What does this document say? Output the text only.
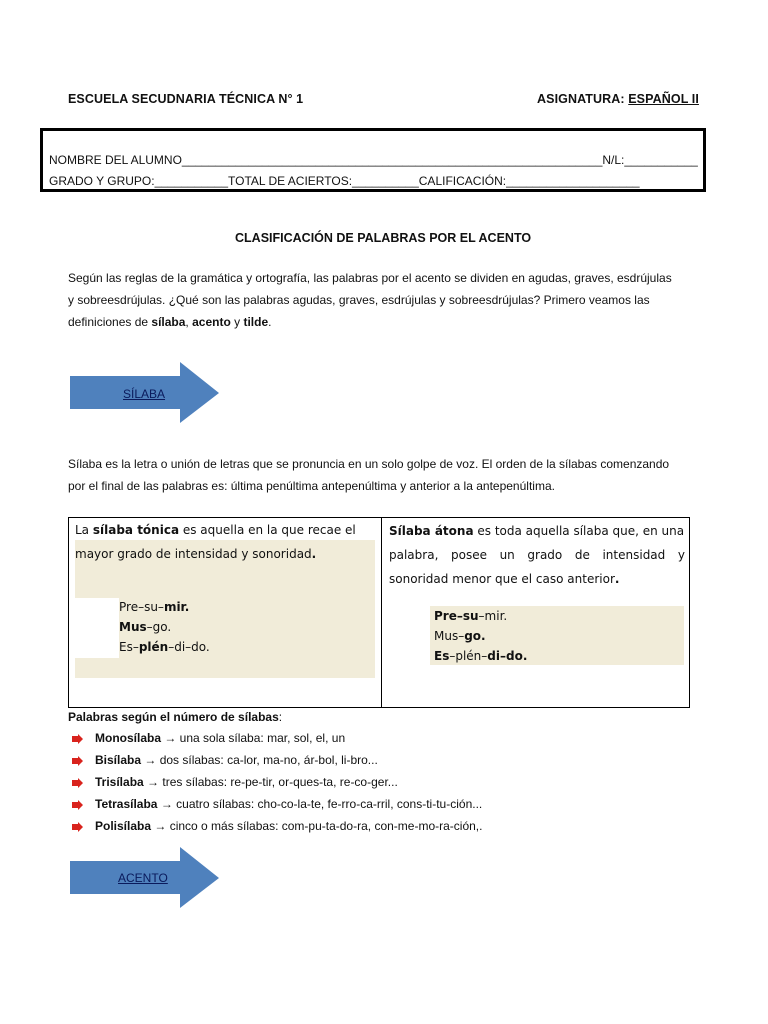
ESCUELA SECUDNARIA TÉCNICA N° 1	ASIGNATURA: ESPAÑOL II
NOMBRE DEL ALUMNO_______________________________________________________________N/L:___________
GRADO Y GRUPO:___________TOTAL DE ACIERTOS:__________CALIFICACIÓN:____________________
CLASIFICACIÓN DE PALABRAS POR EL ACENTO
Según las reglas de la gramática y ortografía, las palabras por el acento se dividen en agudas, graves, esdrújulas
y sobreesdrújulas. ¿Qué son las palabras agudas, graves, esdrújulas y sobreesdrújulas? Primero veamos las
definiciones de sílaba, acento y tilde.
SÍLABA
Sílaba es la letra o unión de letras que se pronuncia en un solo golpe de voz. El orden de la sílabas comenzando
por el final de las palabras es: última penúltima antepenúltima y anterior a la antepenúltima.
La sílaba tónica es aquella en la que recae el
mayor grado de intensidad y sonoridad.
Pre–su–mir.
Mus–go.
Es–plén–di–do.
Sílaba átona es toda aquella sílaba que, en una
palabra, posee un grado de intensidad y
sonoridad menor que el caso anterior.
Pre–su–mir.
Mus–go.
Es–plén–di–do.
Palabras según el número de sílabas:
Monosílaba → una sola sílaba: mar, sol, el, un
Bisílaba → dos sílabas: ca-lor, ma-no, ár-bol, li-bro...
Trisílaba → tres sílabas: re-pe-tir, or-ques-ta, re-co-ger...
Tetrasílaba → cuatro sílabas: cho-co-la-te, fe-rro-ca-rril, cons-ti-tu-ción...
Polisílaba → cinco o más sílabas: com-pu-ta-do-ra, con-me-mo-ra-ción,.
ACENTO
